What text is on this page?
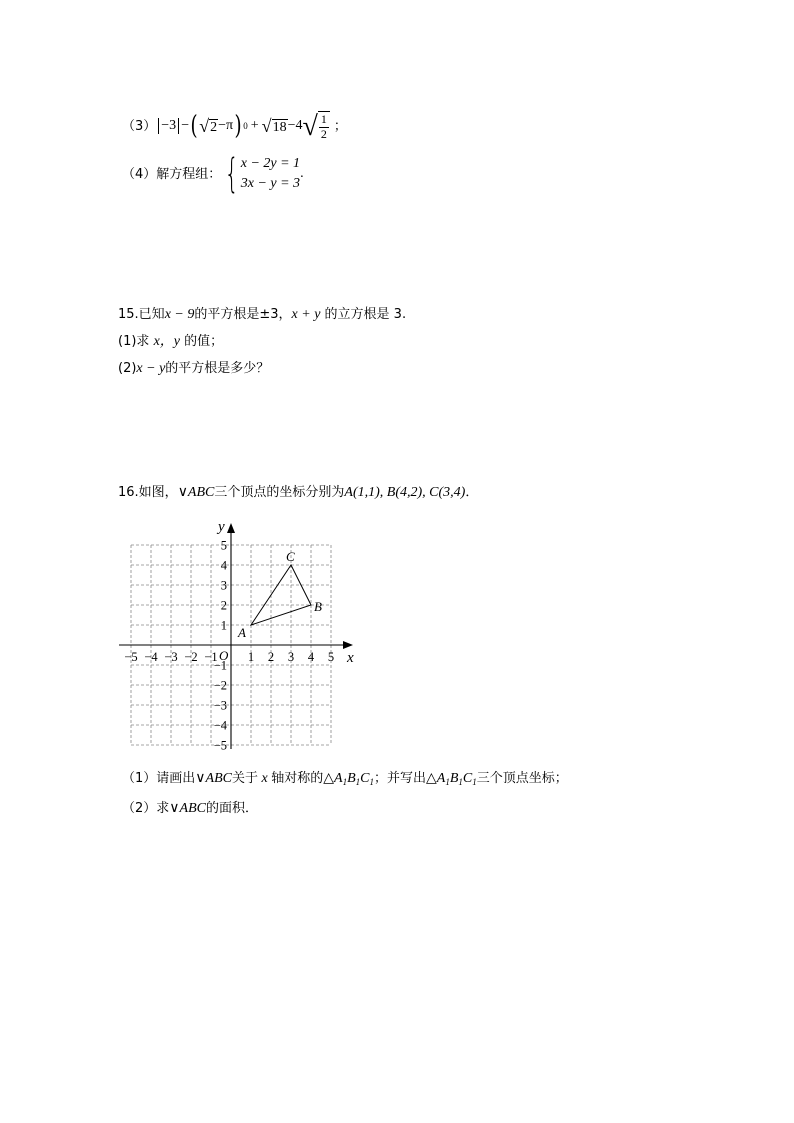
（3） −3 − ( √ 2 −π ) 0 + √ 18 −4 √ $\frac{1}{2}$ ；
（4）解方程组： { x − 2y = 1
3x − y = 3
.
15.已知x − 9的平方根是±3，x + y 的立方根是 3.
(1)求 x，y 的值；
(2)x − y的平方根是多少？
16.如图，∨ABC三个顶点的坐标分别为A(1,1), B(4,2), C(3,4)．
x
y
O
−5 −4 −3 −2 −1 1 2 3 4 5
5
4
3
2
1
−1
−2
−3
−4
−5
A
B
C
（1）请画出∨ABC关于 x 轴对称的$\triangle A_1B_1C_1$；并写出$\triangle A_1B_1C_1$三个顶点坐标；
（2）求∨ABC的面积．
